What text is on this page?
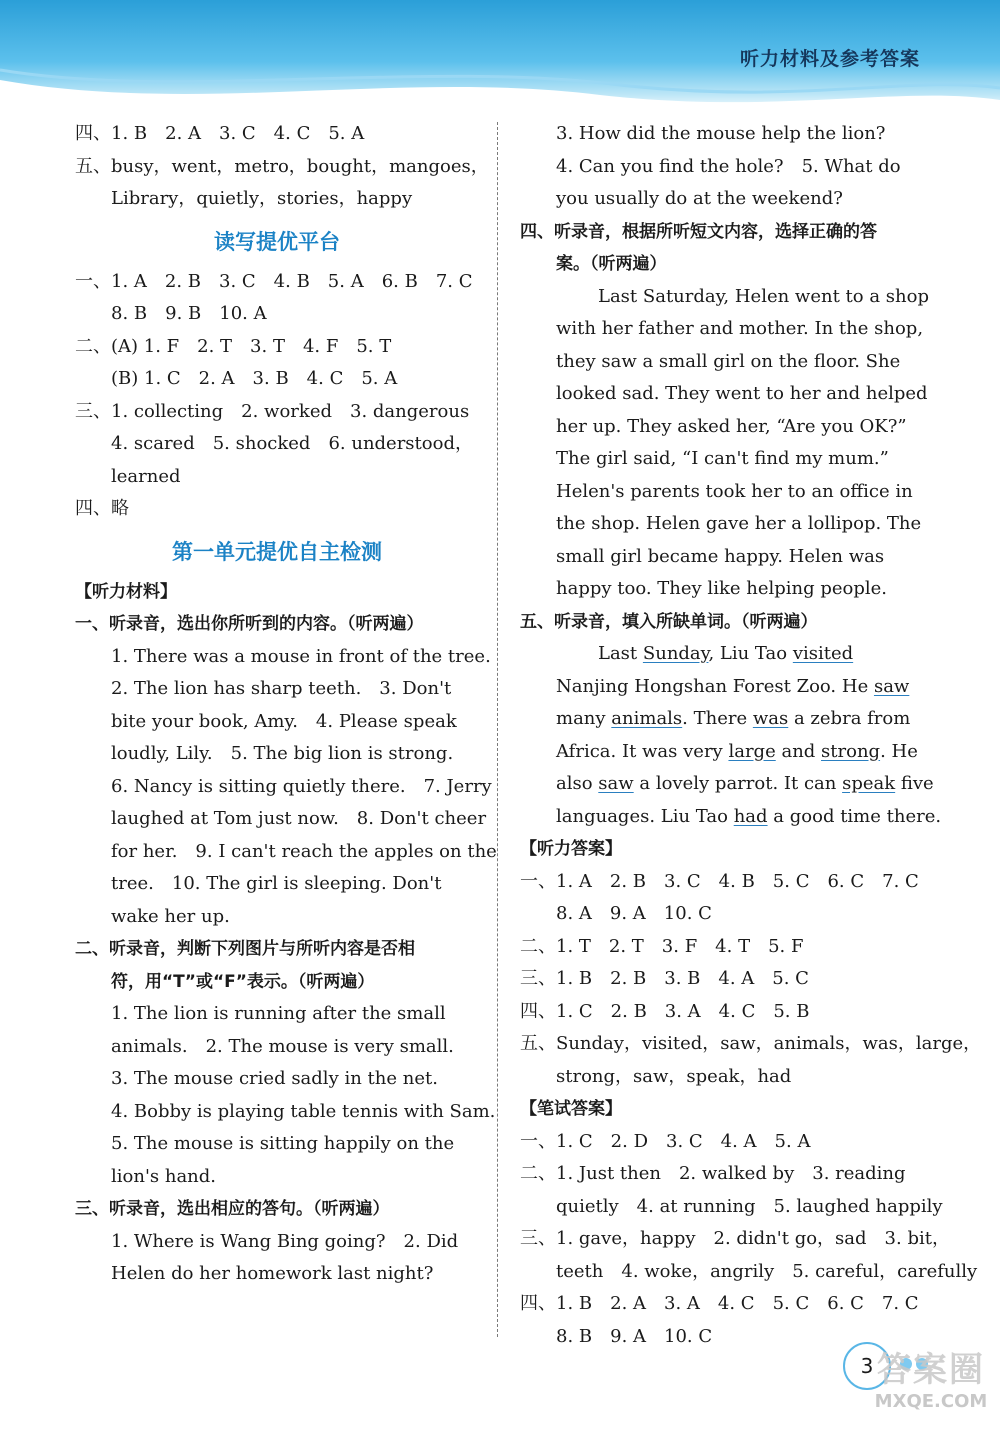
听力材料及参考答案
四、1. B　2. A　3. C　4. C　5. A
五、busy，went，metro，bought，mangoes，
Library，quietly，stories，happy
读写提优平台
一、1. A　2. B　3. C　4. B　5. A　6. B　7. C
8. B　9. B　10. A
二、(A) 1. F　2. T　3. T　4. F　5. T
(B) 1. C　2. A　3. B　4. C　5. A
三、1. collecting　2. worked　3. dangerous
4. scared　5. shocked　6. understood，
learned
四、略
第一单元提优自主检测
【听力材料】
一、听录音，选出你所听到的内容。（听两遍）
1. There was a mouse in front of the tree.
2. The lion has sharp teeth.　3. Don't
bite your book, Amy.　4. Please speak
loudly, Lily.　5. The big lion is strong.
6. Nancy is sitting quietly there.　7. Jerry
laughed at Tom just now.　8. Don't cheer
for her.　9. I can't reach the apples on the
tree.　10. The girl is sleeping. Don't
wake her up.
二、听录音，判断下列图片与所听内容是否相
符，用“T”或“F”表示。（听两遍）
1. The lion is running after the small
animals.　2. The mouse is very small.
3. The mouse cried sadly in the net.
4. Bobby is playing table tennis with Sam.
5. The mouse is sitting happily on the
lion's hand.
三、听录音，选出相应的答句。（听两遍）
1. Where is Wang Bing going?　2. Did
Helen do her homework last night?
3. How did the mouse help the lion?
4. Can you find the hole?　5. What do
you usually do at the weekend?
四、听录音，根据所听短文内容，选择正确的答
案。（听两遍）
Last Saturday, Helen went to a shop
with her father and mother. In the shop,
they saw a small girl on the floor. She
looked sad. They went to her and helped
her up. They asked her, “Are you OK?”
The girl said, “I can't find my mum.”
Helen's parents took her to an office in
the shop. Helen gave her a lollipop. The
small girl became happy. Helen was
happy too. They like helping people.
五、听录音，填入所缺单词。（听两遍）
Last Sunday, Liu Tao visited
Nanjing Hongshan Forest Zoo. He saw
many animals. There was a zebra from
Africa. It was very large and strong. He
also saw a lovely parrot. It can speak five
languages. Liu Tao had a good time there.
【听力答案】
一、1. A　2. B　3. C　4. B　5. C　6. C　7. C
8. A　9. A　10. C
二、1. T　2. T　3. F　4. T　5. F
三、1. B　2. B　3. B　4. A　5. C
四、1. C　2. B　3. A　4. C　5. B
五、Sunday，visited，saw，animals，was，large，
strong，saw，speak，had
【笔试答案】
一、1. C　2. D　3. C　4. A　5. A
二、1. Just then　2. walked by　3. reading
quietly　4. at running　5. laughed happily
三、1. gave，happy　2. didn't go，sad　3. bit，
teeth　4. woke，angrily　5. careful，carefully
四、1. B　2. A　3. A　4. C　5. C　6. C　7. C
8. B　9. A　10. C
3 答案圈
MXQE.COM
